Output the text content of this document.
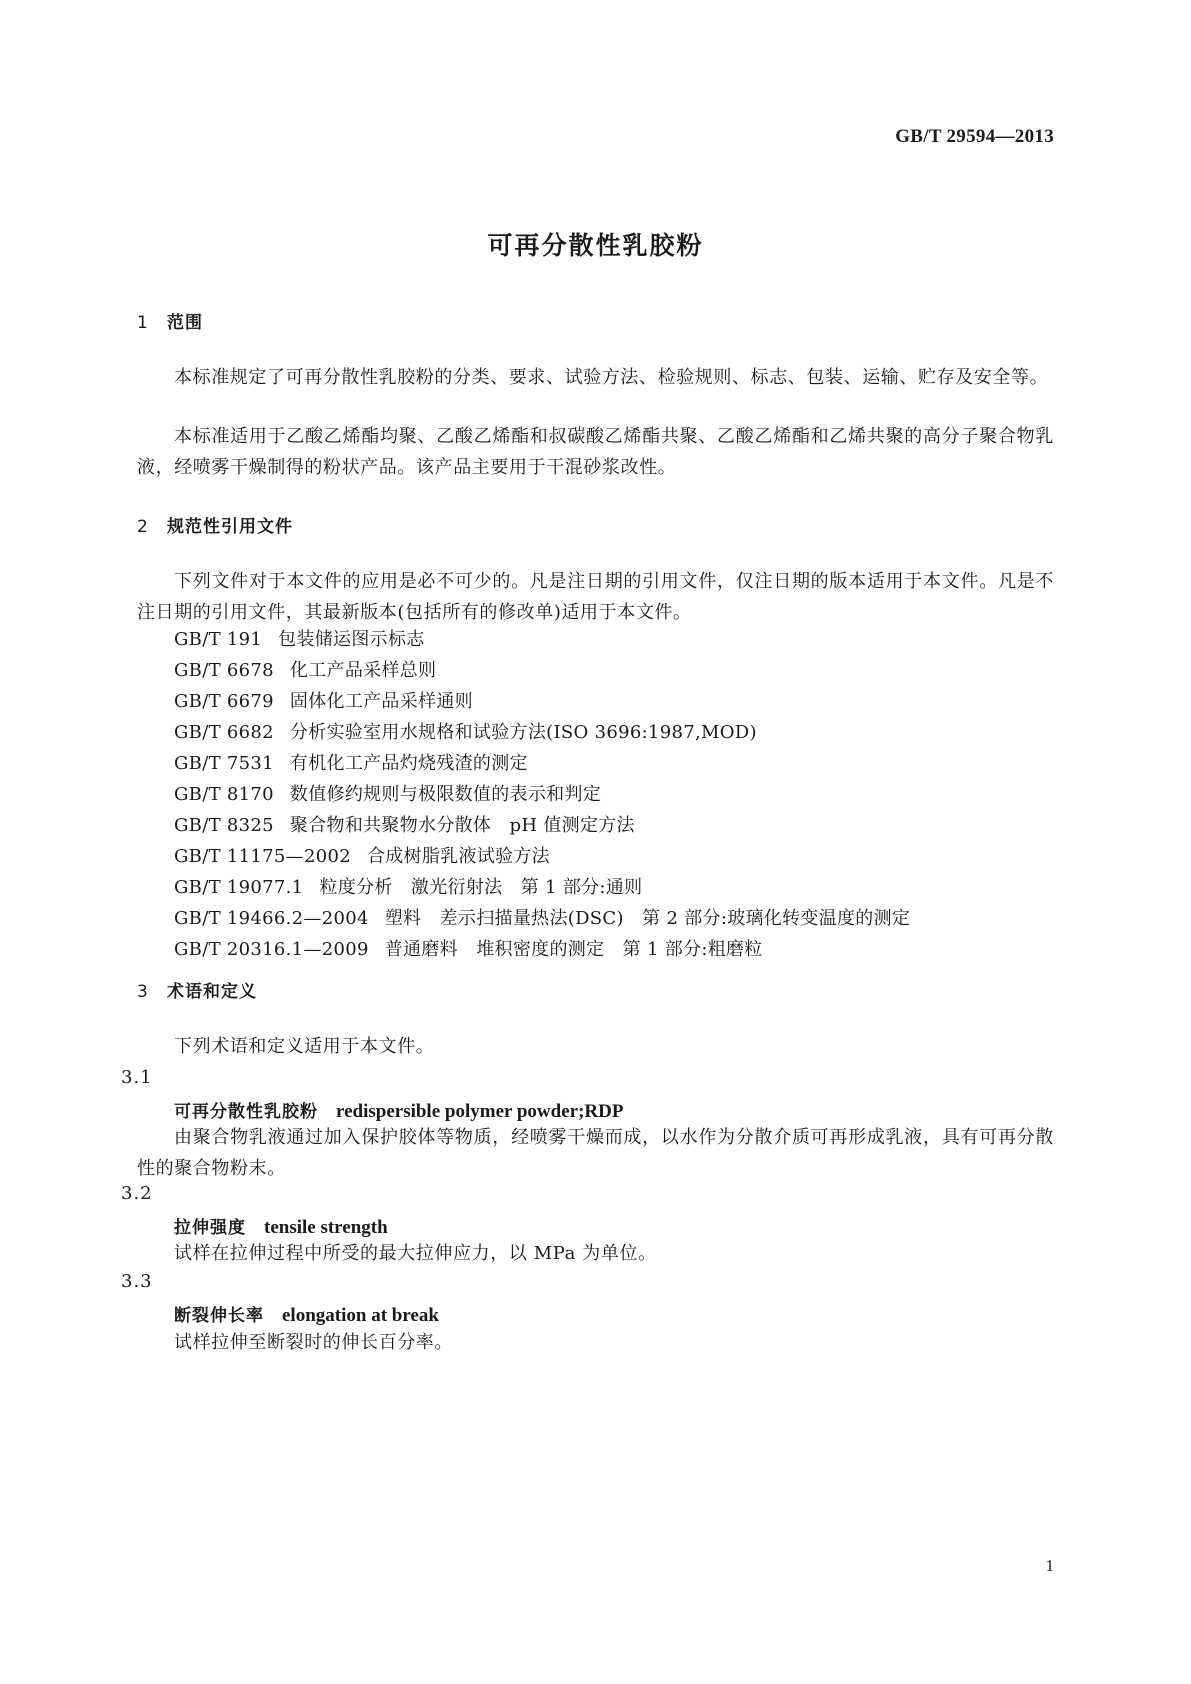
GB/T 29594—2013
可再分散性乳胶粉
1 范围
本标准规定了可再分散性乳胶粉的分类、要求、试验方法、检验规则、标志、包装、运输、贮存及安全等。
本标准适用于乙酸乙烯酯均聚、乙酸乙烯酯和叔碳酸乙烯酯共聚、乙酸乙烯酯和乙烯共聚的高分子聚合物乳液，经喷雾干燥制得的粉状产品。该产品主要用于干混砂浆改性。
2 规范性引用文件
下列文件对于本文件的应用是必不可少的。凡是注日期的引用文件，仅注日期的版本适用于本文件。凡是不注日期的引用文件，其最新版本(包括所有的修改单)适用于本文件。
GB/T 191 包装储运图示标志
GB/T 6678 化工产品采样总则
GB/T 6679 固体化工产品采样通则
GB/T 6682 分析实验室用水规格和试验方法(ISO 3696:1987,MOD)
GB/T 7531 有机化工产品灼烧残渣的测定
GB/T 8170 数值修约规则与极限数值的表示和判定
GB/T 8325 聚合物和共聚物水分散体　pH 值测定方法
GB/T 11175—2002 合成树脂乳液试验方法
GB/T 19077.1 粒度分析　激光衍射法　第 1 部分:通则
GB/T 19466.2—2004 塑料　差示扫描量热法(DSC)　第 2 部分:玻璃化转变温度的测定
GB/T 20316.1—2009 普通磨料　堆积密度的测定　第 1 部分:粗磨粒
3 术语和定义
下列术语和定义适用于本文件。
3.1
可再分散性乳胶粉 redispersible polymer powder;RDP
由聚合物乳液通过加入保护胶体等物质，经喷雾干燥而成，以水作为分散介质可再形成乳液，具有可再分散性的聚合物粉末。
3.2
拉伸强度 tensile strength
试样在拉伸过程中所受的最大拉伸应力，以 MPa 为单位。
3.3
断裂伸长率 elongation at break
试样拉伸至断裂时的伸长百分率。
1
